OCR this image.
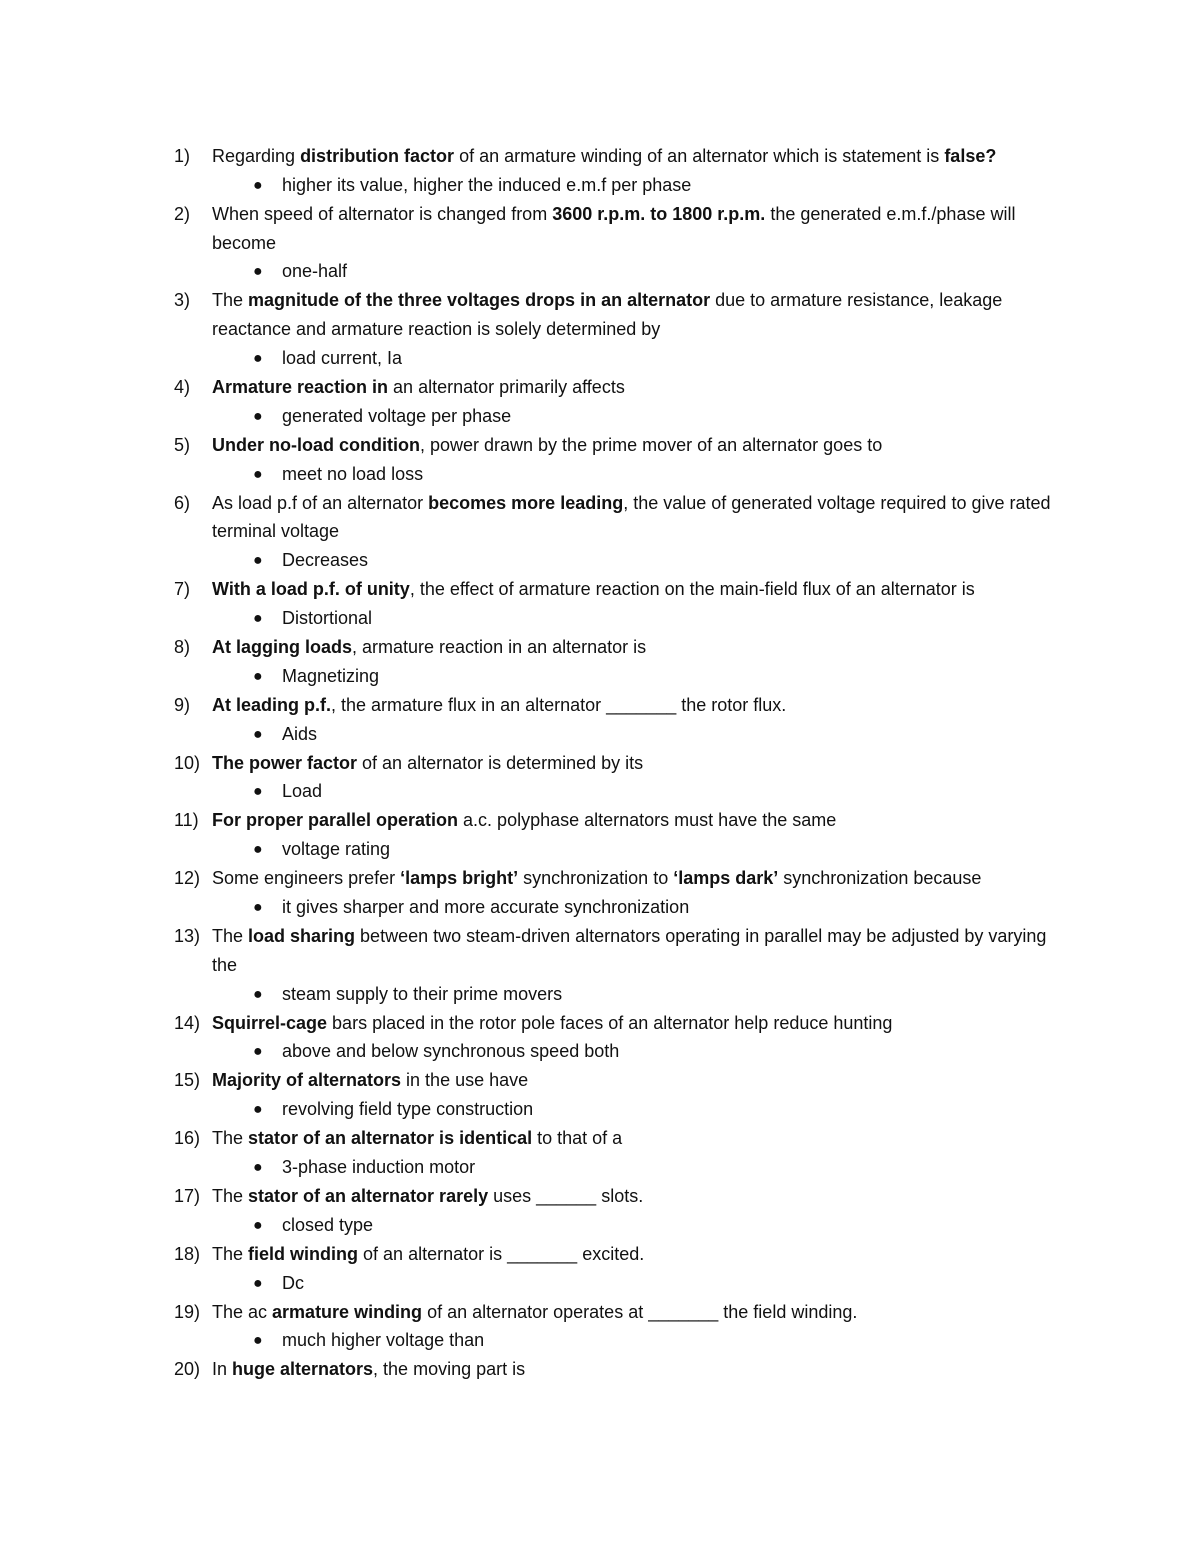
1) Regarding distribution factor of an armature winding of an alternator which is statement is false?
● higher its value, higher the induced e.m.f per phase
2) When speed of alternator is changed from 3600 r.p.m. to 1800 r.p.m. the generated e.m.f./phase will become
● one-half
3) The magnitude of the three voltages drops in an alternator due to armature resistance, leakage reactance and armature reaction is solely determined by
● load current, Ia
4) Armature reaction in an alternator primarily affects
● generated voltage per phase
5) Under no-load condition, power drawn by the prime mover of an alternator goes to
● meet no load loss
6) As load p.f of an alternator becomes more leading, the value of generated voltage required to give rated terminal voltage
● Decreases
7) With a load p.f. of unity, the effect of armature reaction on the main-field flux of an alternator is
● Distortional
8) At lagging loads, armature reaction in an alternator is
● Magnetizing
9) At leading p.f., the armature flux in an alternator _______ the rotor flux.
● Aids
10) The power factor of an alternator is determined by its
● Load
11) For proper parallel operation a.c. polyphase alternators must have the same
● voltage rating
12) Some engineers prefer ‘lamps bright’ synchronization to ‘lamps dark’ synchronization because
● it gives sharper and more accurate synchronization
13) The load sharing between two steam-driven alternators operating in parallel may be adjusted by varying the
● steam supply to their prime movers
14) Squirrel-cage bars placed in the rotor pole faces of an alternator help reduce hunting
● above and below synchronous speed both
15) Majority of alternators in the use have
● revolving field type construction
16) The stator of an alternator is identical to that of a
● 3-phase induction motor
17) The stator of an alternator rarely uses ______ slots.
● closed type
18) The field winding of an alternator is _______ excited.
● Dc
19) The ac armature winding of an alternator operates at _______ the field winding.
● much higher voltage than
20) In huge alternators, the moving part is
